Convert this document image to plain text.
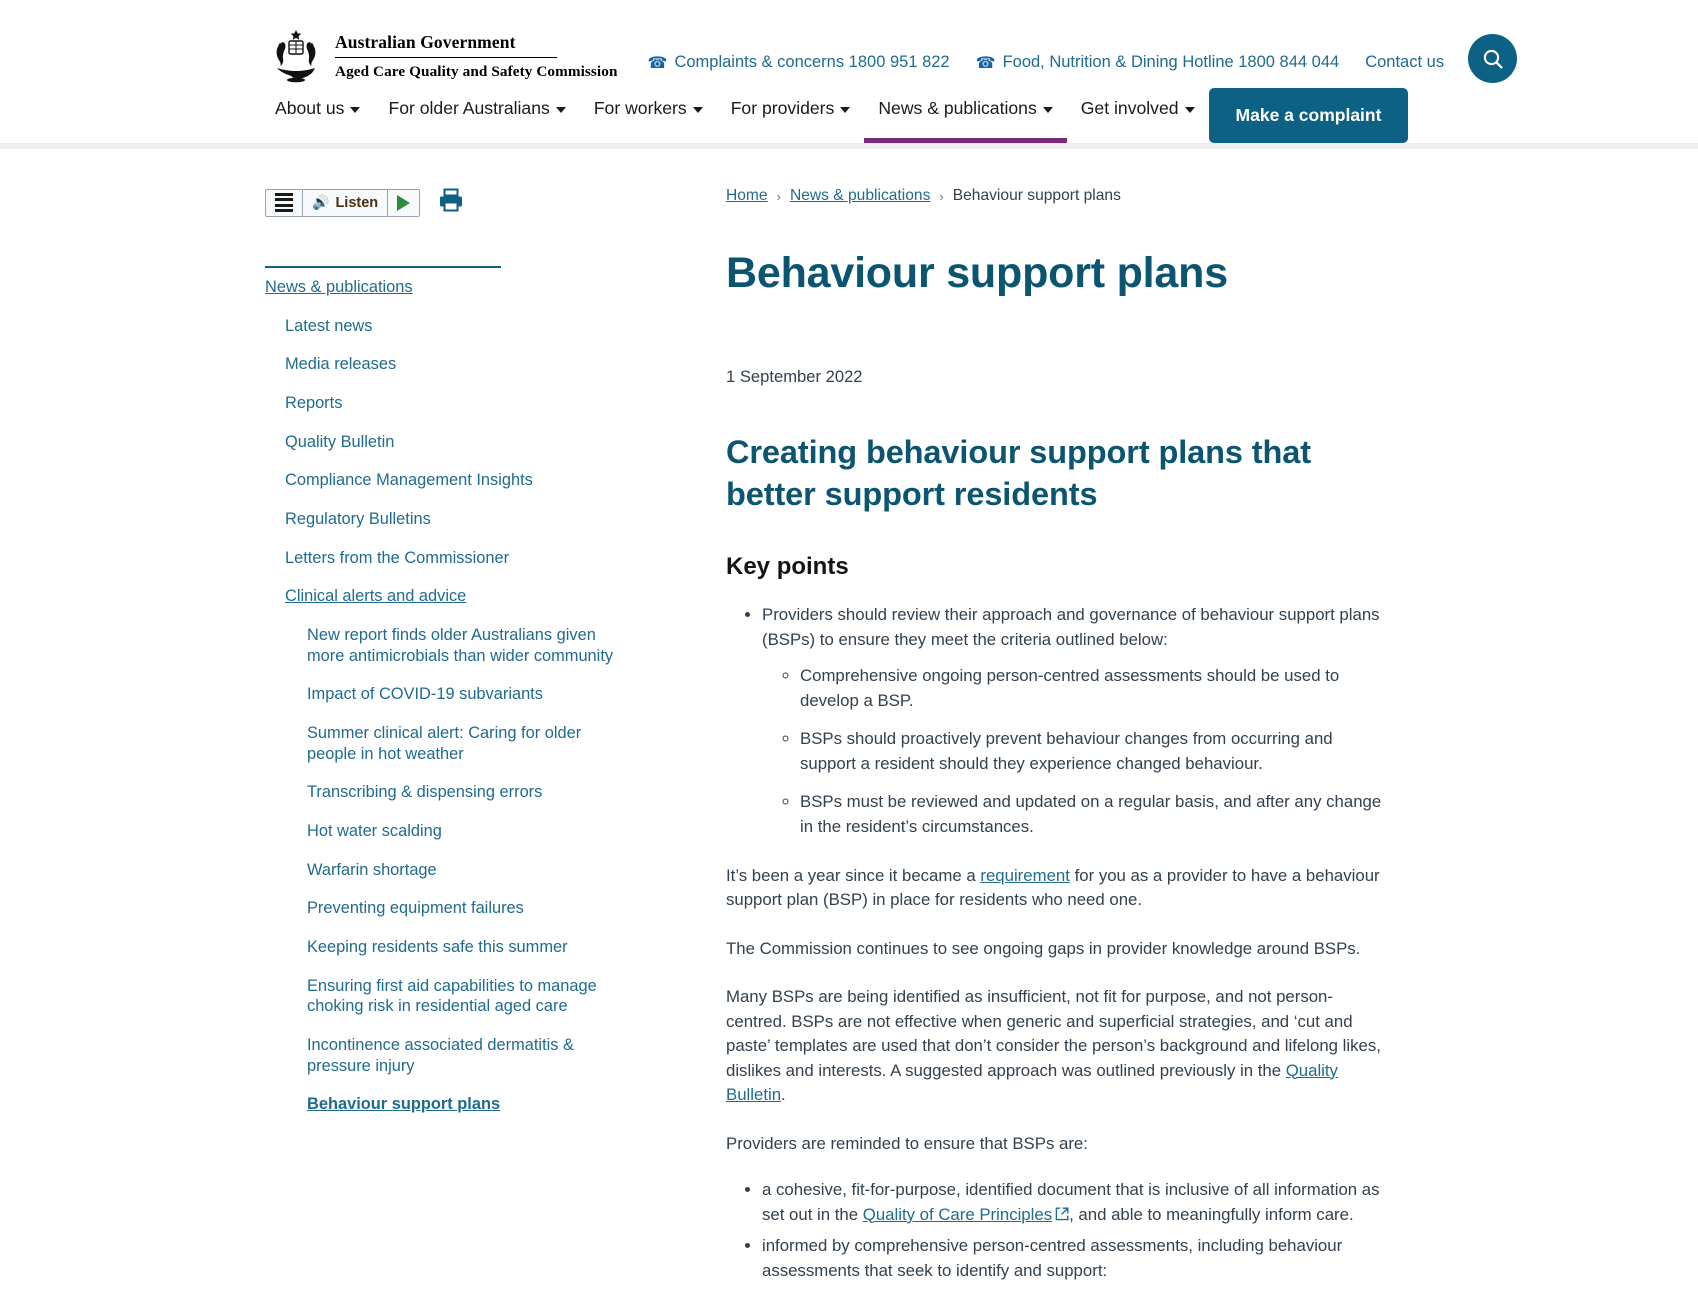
Australian Government
Aged Care Quality and Safety Commission ☎ Complaints & concerns 1800 951 822 ☎ Food, Nutrition & Dining Hotline 1800 844 044 Contact us
About us	For older Australians	For workers	For providers	News & publications	Get involved	Make a complaint
🔊 Listen
News & publications
Latest news
Media releases
Reports
Quality Bulletin
Compliance Management Insights
Regulatory Bulletins
Letters from the Commissioner
Clinical alerts and advice
New report finds older Australians given more antimicrobials than wider community
Impact of COVID-19 subvariants
Summer clinical alert: Caring for older people in hot weather
Transcribing & dispensing errors
Hot water scalding
Warfarin shortage
Preventing equipment failures
Keeping residents safe this summer
Ensuring first aid capabilities to manage choking risk in residential aged care
Incontinence associated dermatitis & pressure injury
Behaviour support plans
Home › News & publications › Behaviour support plans
Behaviour support plans
1 September 2022
Creating behaviour support plans that better support residents
Key points
• Providers should review their approach and governance of behaviour support plans (BSPs) to ensure they meet the criteria outlined below:
◦ Comprehensive ongoing person-centred assessments should be used to develop a BSP.
◦ BSPs should proactively prevent behaviour changes from occurring and support a resident should they experience changed behaviour.
◦ BSPs must be reviewed and updated on a regular basis, and after any change in the resident’s circumstances.

It’s been a year since it became a requirement for you as a provider to have a behaviour support plan (BSP) in place for residents who need one.

The Commission continues to see ongoing gaps in provider knowledge around BSPs.

Many BSPs are being identified as insufficient, not fit for purpose, and not person-centred. BSPs are not effective when generic and superficial strategies, and ‘cut and paste’ templates are used that don’t consider the person’s background and lifelong likes, dislikes and interests. A suggested approach was outlined previously in the Quality Bulletin.

Providers are reminded to ensure that BSPs are:

• a cohesive, fit-for-purpose, identified document that is inclusive of all information as set out in the Quality of Care Principles , and able to meaningfully inform care.
• informed by comprehensive person-centred assessments, including behaviour assessments that seek to identify and support:
